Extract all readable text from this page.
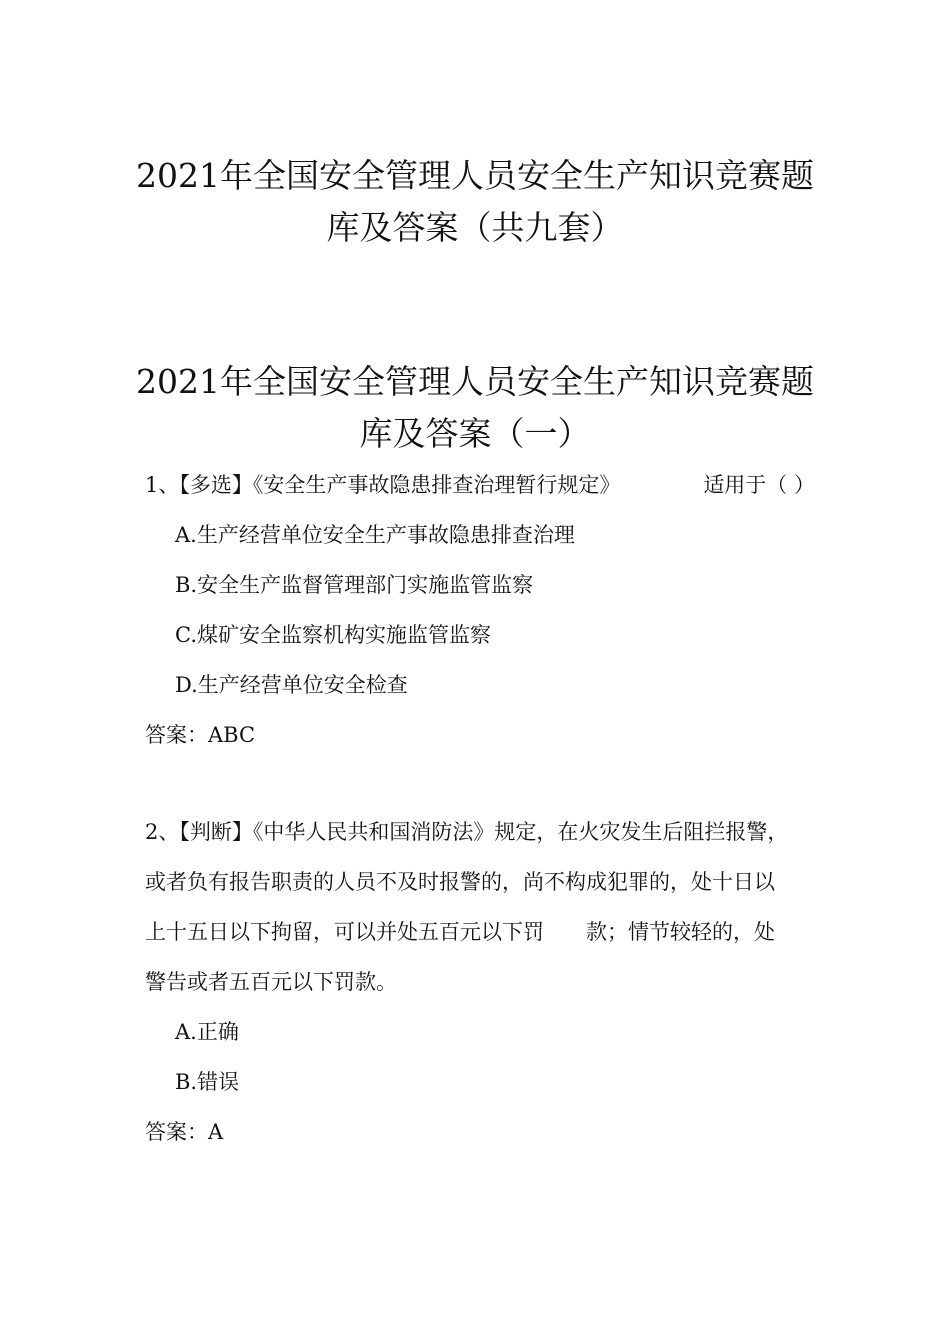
2021年全国安全管理人员安全生产知识竞赛题
库及答案（共九套）
2021年全国安全管理人员安全生产知识竞赛题
库及答案（一）
1、【多选】《安全生产事故隐患排查治理暂行规定》	适用于（ ）
A.生产经营单位安全生产事故隐患排查治理
B.安全生产监督管理部门实施监管监察
C.煤矿安全监察机构实施监管监察
D.生产经营单位安全检查
答案：ABC
2、【判断】《中华人民共和国消防法》规定，在火灾发生后阻拦报警，
或者负有报告职责的人员不及时报警的，尚不构成犯罪的，处十日以
上十五日以下拘留，可以并处五百元以下罚 款；情节较轻的，处
警告或者五百元以下罚款。
A.正确
B.错误
答案：A
